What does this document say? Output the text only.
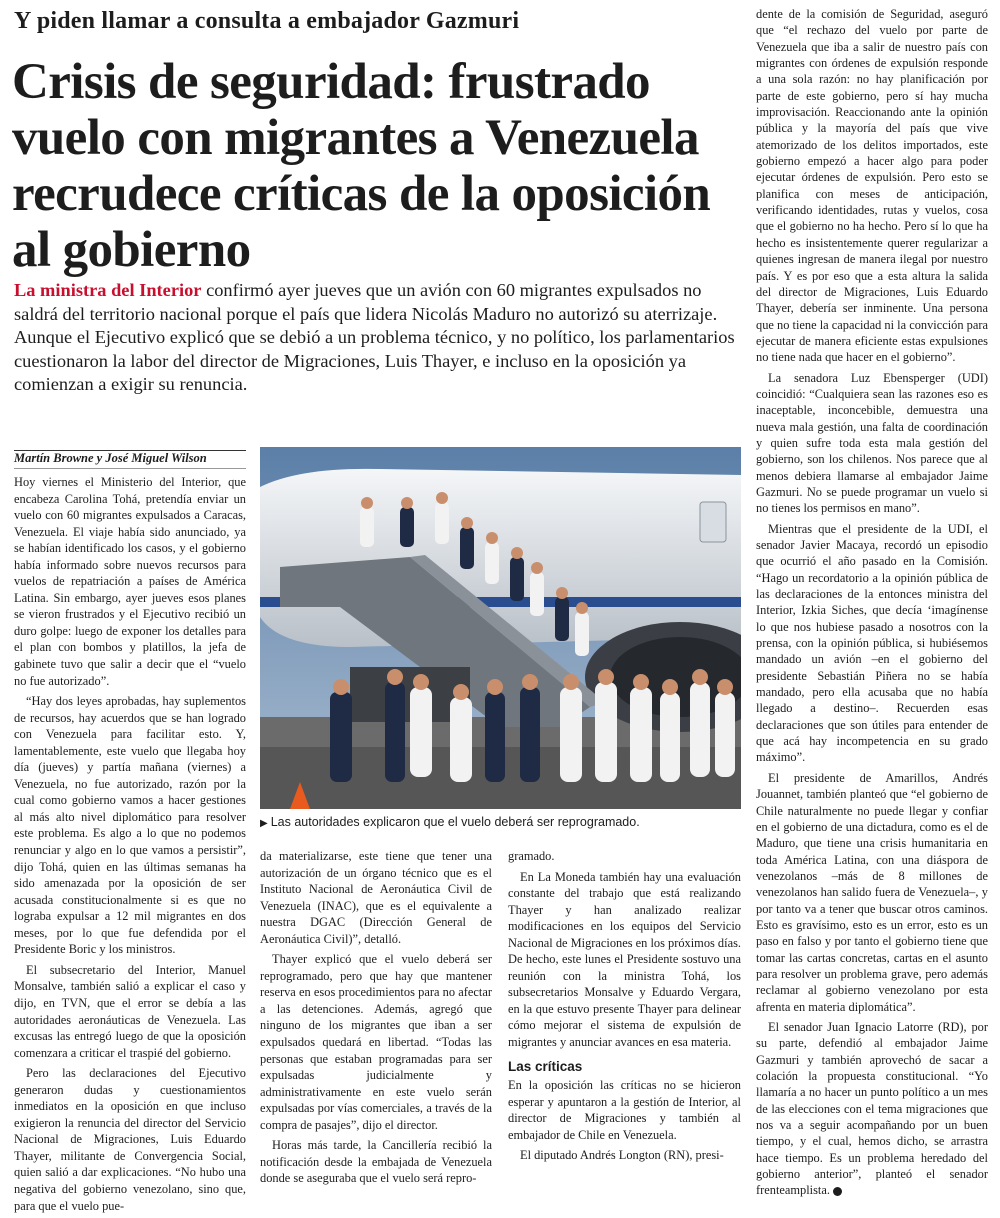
Y piden llamar a consulta a embajador Gazmuri
Crisis de seguridad: frustrado vuelo con migrantes a Venezuela recrudece críticas de la oposición al gobierno

La ministra del Interior confirmó ayer jueves que un avión con 60 migrantes expulsados no saldrá del territorio nacional porque el país que lidera Nicolás Maduro no autorizó su aterrizaje. Aunque el Ejecutivo explicó que se debió a un problema técnico, y no político, los parlamentarios cuestionaron la labor del director de Migraciones, Luis Thayer, e incluso en la oposición ya comienzan a exigir su renuncia.

Martín Browne y José Miguel Wilson

Hoy viernes el Ministerio del Interior, que encabeza Carolina Tohá, pretendía enviar un vuelo con 60 migrantes expulsados a Caracas, Venezuela. El viaje había sido anunciado, ya se habían identificado los casos, y el gobierno había informado sobre nuevos recursos para vuelos de repatriación a países de América Latina. Sin embargo, ayer jueves esos planes se vieron frustrados y el Ejecutivo recibió un duro golpe: luego de exponer los detalles para el plan con bombos y platillos, la jefa de gabinete tuvo que salir a decir que el “vuelo no fue autorizado”.

“Hay dos leyes aprobadas, hay suplementos de recursos, hay acuerdos que se han logrado con Venezuela para facilitar esto. Y, lamentablemente, este vuelo que llegaba hoy día (jueves) y partía mañana (viernes) a Venezuela, no fue autorizado, razón por la cual como gobierno vamos a hacer gestiones al más alto nivel diplomático para resolver este problema. Es algo a lo que no podemos renunciar y algo en lo que vamos a persistir”, dijo Tohá, quien en las últimas semanas ha sido amenazada por la oposición de ser acusada constitucionalmente si es que no lograba expulsar a 12 mil migrantes en dos meses, por lo que fue defendida por el Presidente Boric y los ministros.

El subsecretario del Interior, Manuel Monsalve, también salió a explicar el caso y dijo, en TVN, que el error se debía a las autoridades aeronáuticas de Venezuela. Las excusas las entregó luego de que la oposición comenzara a criticar el traspié del gobierno.

Pero las declaraciones del Ejecutivo generaron dudas y cuestionamientos inmediatos en la oposición en que incluso exigieron la renuncia del director del Servicio Nacional de Migraciones, Luis Eduardo Thayer, militante de Convergencia Social, quien salió a dar explicaciones. “No hubo una negativa del gobierno venezolano, sino que, para que el vuelo pue-

▶ Las autoridades explicaron que el vuelo deberá ser reprogramado.

da materializarse, este tiene que tener una autorización de un órgano técnico que es el Instituto Nacional de Aeronáutica Civil de Venezuela (INAC), que es el equivalente a nuestra DGAC (Dirección General de Aeronáutica Civil)”, detalló.

Thayer explicó que el vuelo deberá ser reprogramado, pero que hay que mantener reserva en esos procedimientos para no afectar a las detenciones. Además, agregó que ninguno de los migrantes que iban a ser expulsados quedará en libertad. “Todas las personas que estaban programadas para ser expulsadas judicialmente y administrativamente en este vuelo serán expulsadas por vías comerciales, a través de la compra de pasajes”, dijo el director.

Horas más tarde, la Cancillería recibió la notificación desde la embajada de Venezuela donde se aseguraba que el vuelo será repro-

gramado.

En La Moneda también hay una evaluación constante del trabajo que está realizando Thayer y han analizado realizar modificaciones en los equipos del Servicio Nacional de Migraciones en los próximos días. De hecho, este lunes el Presidente sostuvo una reunión con la ministra Tohá, los subsecretarios Monsalve y Eduardo Vergara, en la que estuvo presente Thayer para delinear cómo mejorar el sistema de expulsión de migrantes y anunciar avances en esa materia.

Las críticas

En la oposición las críticas no se hicieron esperar y apuntaron a la gestión de Interior, al director de Migraciones y también al embajador de Chile en Venezuela.

El diputado Andrés Longton (RN), presi-

dente de la comisión de Seguridad, aseguró que “el rechazo del vuelo por parte de Venezuela que iba a salir de nuestro país con migrantes con órdenes de expulsión responde a una sola razón: no hay planificación por parte de este gobierno, pero sí hay mucha improvisación. Reaccionando ante la opinión pública y la mayoría del país que vive atemorizado de los delitos importados, este gobierno empezó a hacer algo para poder ejecutar órdenes de expulsión. Pero esto se planifica con meses de anticipación, verificando identidades, rutas y vuelos, cosa que el gobierno no ha hecho. Pero sí lo que ha hecho es insistentemente querer regularizar a quienes ingresan de manera ilegal por nuestro país. Y es por eso que a esta altura la salida del director de Migraciones, Luis Eduardo Thayer, debería ser inminente. Una persona que no tiene la capacidad ni la convicción para ejecutar de manera eficiente estas expulsiones no tiene nada que hacer en el gobierno”.

La senadora Luz Ebensperger (UDI) coincidió: “Cualquiera sean las razones eso es inaceptable, inconcebible, demuestra una nueva mala gestión, una falta de coordinación y quien sufre toda esta mala gestión del gobierno, son los chilenos. Nos parece que al menos debiera llamarse al embajador Jaime Gazmuri. No se puede programar un vuelo si no tienes los permisos en mano”.

Mientras que el presidente de la UDI, el senador Javier Macaya, recordó un episodio que ocurrió el año pasado en la Comisión. “Hago un recordatorio a la opinión pública de las declaraciones de la entonces ministra del Interior, Izkia Siches, que decía ‘imagínense lo que nos hubiese pasado a nosotros con la prensa, con la opinión pública, si hubiésemos mandado un avión –en el gobierno del presidente Sebastián Piñera no se había mandado, pero ella acusaba que no había llegado a destino–. Recuerden esas declaraciones que son útiles para entender de que acá hay incompetencia en su grado máximo”.

El presidente de Amarillos, Andrés Jouannet, también planteó que “el gobierno de Chile naturalmente no puede llegar y confiar en el gobierno de una dictadura, como es el de Maduro, que tiene una crisis humanitaria en toda América Latina, con una diáspora de venezolanos –más de 8 millones de venezolanos han salido fuera de Venezuela–, y por tanto va a tener que buscar otros caminos. Esto es gravísimo, esto es un error, esto es un paso en falso y por tanto el gobierno tiene que tomar las cartas concretas, cartas en el asunto para resolver un problema grave, pero además reclamar al gobierno venezolano por esta afrenta en materia diplomática”.

El senador Juan Ignacio Latorre (RD), por su parte, defendió al embajador Jaime Gazmuri y también aprovechó de sacar a colación la propuesta constitucional. “Yo llamaría a no hacer un punto político a un mes de las elecciones con el tema migraciones que nos va a seguir acompañando por un buen tiempo, y el cual, hemos dicho, se arrastra hace tiempo. Es un problema heredado del gobierno anterior”, planteó el senador frenteamplista.
